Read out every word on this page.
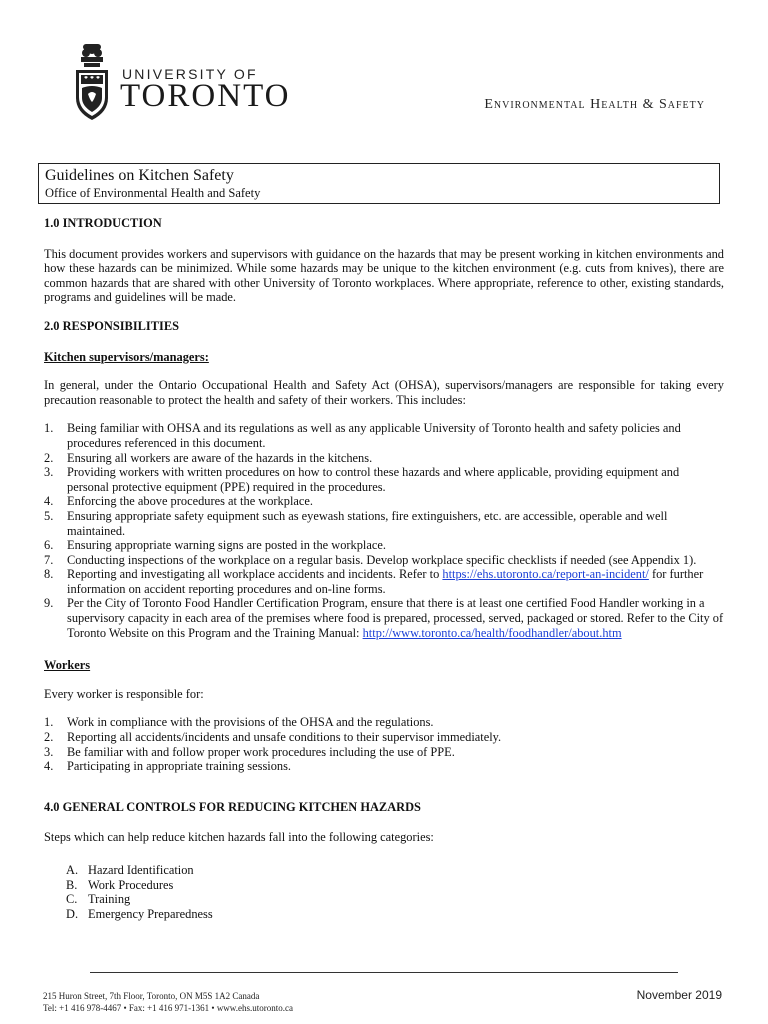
UNIVERSITY OF
TORONTO	Environmental Health & Safety
Guidelines on Kitchen Safety
Office of Environmental Health and Safety
1.0 INTRODUCTION
This document provides workers and supervisors with guidance on the hazards that may be present working in kitchen environments and how these hazards can be minimized. While some hazards may be unique to the kitchen environment (e.g. cuts from knives), there are common hazards that are shared with other University of Toronto workplaces. Where appropriate, reference to other, existing standards, programs and guidelines will be made.
2.0 RESPONSIBILITIES
Kitchen supervisors/managers:
In general, under the Ontario Occupational Health and Safety Act (OHSA), supervisors/managers are responsible for taking every precaution reasonable to protect the health and safety of their workers. This includes:
1. Being familiar with OHSA and its regulations as well as any applicable University of Toronto health and safety policies and procedures referenced in this document.
2. Ensuring all workers are aware of the hazards in the kitchens.
3. Providing workers with written procedures on how to control these hazards and where applicable, providing equipment and personal protective equipment (PPE) required in the procedures.
4. Enforcing the above procedures at the workplace.
5. Ensuring appropriate safety equipment such as eyewash stations, fire extinguishers, etc. are accessible, operable and well maintained.
6. Ensuring appropriate warning signs are posted in the workplace.
7. Conducting inspections of the workplace on a regular basis. Develop workplace specific checklists if needed (see Appendix 1).
8. Reporting and investigating all workplace accidents and incidents. Refer to https://ehs.utoronto.ca/report-an-incident/ for further information on accident reporting procedures and on-line forms.
9. Per the City of Toronto Food Handler Certification Program, ensure that there is at least one certified Food Handler working in a supervisory capacity in each area of the premises where food is prepared, processed, served, packaged or stored. Refer to the City of Toronto Website on this Program and the Training Manual: http://www.toronto.ca/health/foodhandler/about.htm
Workers
Every worker is responsible for:
1. Work in compliance with the provisions of the OHSA and the regulations.
2. Reporting all accidents/incidents and unsafe conditions to their supervisor immediately.
3. Be familiar with and follow proper work procedures including the use of PPE.
4. Participating in appropriate training sessions.
4.0 GENERAL CONTROLS FOR REDUCING KITCHEN HAZARDS
Steps which can help reduce kitchen hazards fall into the following categories:
A. Hazard Identification
B. Work Procedures
C. Training
D. Emergency Preparedness
215 Huron Street, 7th Floor, Toronto, ON M5S 1A2 Canada
Tel: +1 416 978-4467 • Fax: +1 416 971-1361 • www.ehs.utoronto.ca
November 2019
